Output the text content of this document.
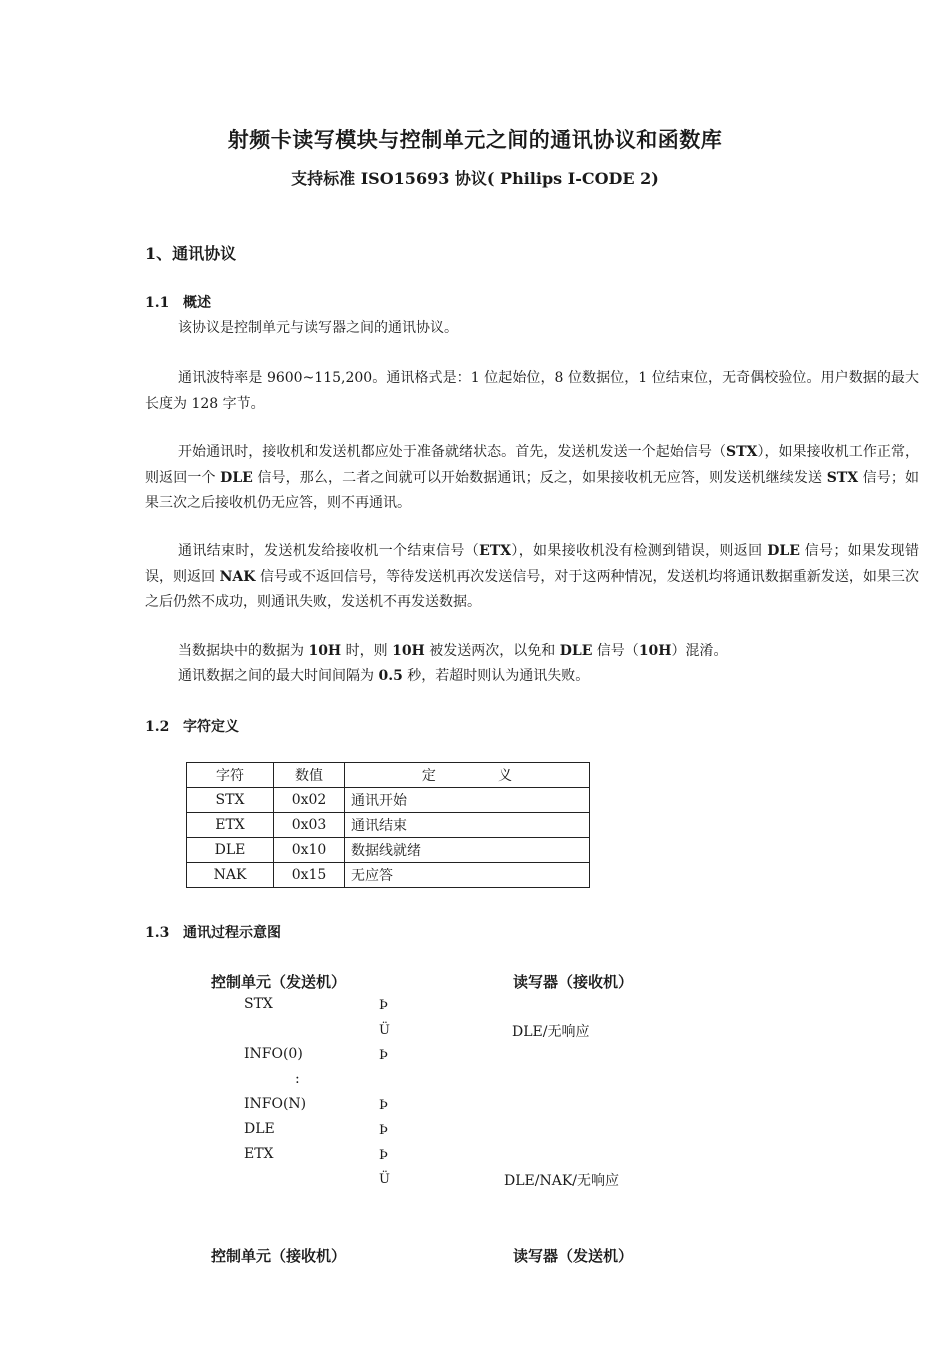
射频卡读写模块与控制单元之间的通讯协议和函数库
支持标准 ISO15693 协议( Philips I-CODE 2)
1、通讯协议
1.1 概述
该协议是控制单元与读写器之间的通讯协议。
通讯波特率是 9600~115,200。通讯格式是：1 位起始位，8 位数据位，1 位结束位，无奇偶校验位。用户数据的最大长度为 128 字节。
开始通讯时，接收机和发送机都应处于准备就绪状态。首先，发送机发送一个起始信号（STX），如果接收机工作正常，则返回一个 DLE 信号，那么，二者之间就可以开始数据通讯；反之，如果接收机无应答，则发送机继续发送 STX 信号；如果三次之后接收机仍无应答，则不再通讯。
通讯结束时，发送机发给接收机一个结束信号（ETX），如果接收机没有检测到错误，则返回 DLE 信号；如果发现错误，则返回 NAK 信号或不返回信号，等待发送机再次发送信号，对于这两种情况，发送机均将通讯数据重新发送，如果三次之后仍然不成功，则通讯失败，发送机不再发送数据。
当数据块中的数据为 10H 时，则 10H 被发送两次，以免和 DLE 信号（10H）混淆。
通讯数据之间的最大时间间隔为 0.5 秒，若超时则认为通讯失败。
1.2 字符定义
字符	数值	定              义
STX	0x02	通讯开始
ETX	0x03	通讯结束
DLE	0x10	数据线就绪
NAK	0x15	无应答
1.3 通讯过程示意图
控制单元（发送机）	读写器（接收机）
STX	Þ
Ü	DLE/无响应
INFO(0)	Þ
:
INFO(N)	Þ
DLE	Þ
ETX	Þ
Ü	DLE/NAK/无响应
控制单元（接收机）	读写器（发送机）
